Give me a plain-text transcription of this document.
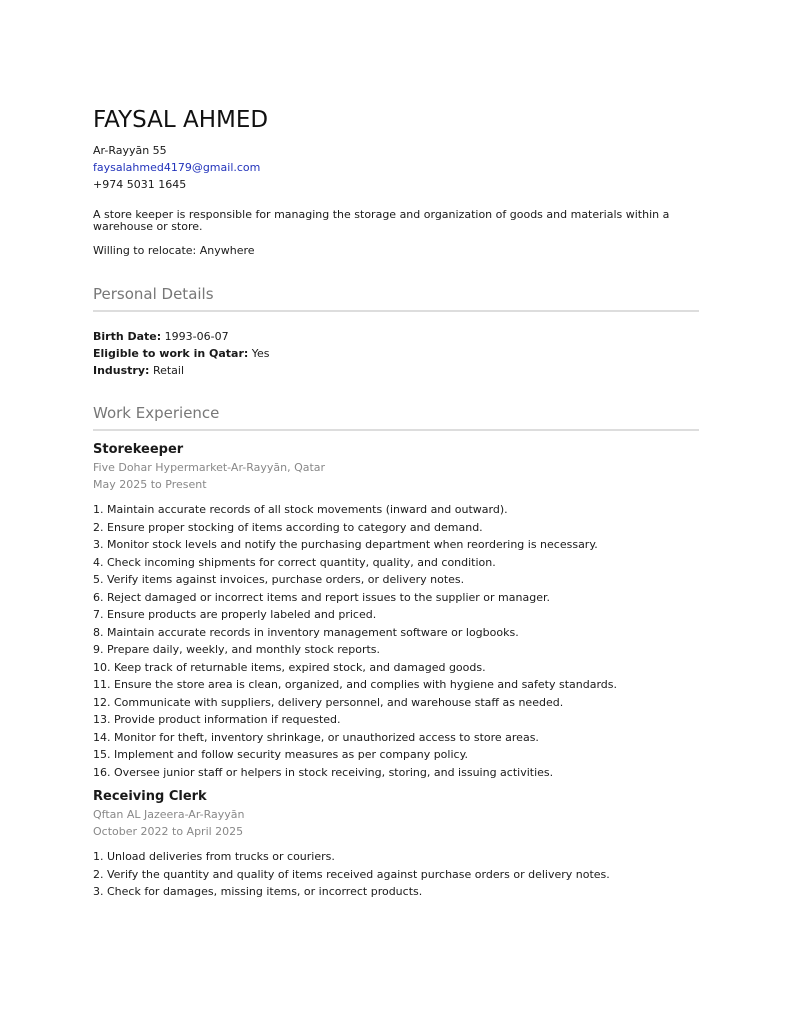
FAYSAL AHMED
Ar-Rayyān 55
faysalahmed4179@gmail.com
+974 5031 1645
A store keeper is responsible for managing the storage and organization of goods and materials within a warehouse or store.
Willing to relocate: Anywhere
Personal Details
Birth Date: 1993-06-07
Eligible to work in Qatar: Yes
Industry: Retail
Work Experience
Storekeeper
Five Dohar Hypermarket-Ar-Rayyān, Qatar
May 2025 to Present
1. Maintain accurate records of all stock movements (inward and outward).
2. Ensure proper stocking of items according to category and demand.
3. Monitor stock levels and notify the purchasing department when reordering is necessary.
4. Check incoming shipments for correct quantity, quality, and condition.
5. Verify items against invoices, purchase orders, or delivery notes.
6. Reject damaged or incorrect items and report issues to the supplier or manager.
7. Ensure products are properly labeled and priced.
8. Maintain accurate records in inventory management software or logbooks.
9. Prepare daily, weekly, and monthly stock reports.
10. Keep track of returnable items, expired stock, and damaged goods.
11. Ensure the store area is clean, organized, and complies with hygiene and safety standards.
12. Communicate with suppliers, delivery personnel, and warehouse staff as needed.
13. Provide product information if requested.
14. Monitor for theft, inventory shrinkage, or unauthorized access to store areas.
15. Implement and follow security measures as per company policy.
16. Oversee junior staff or helpers in stock receiving, storing, and issuing activities.
Receiving Clerk
Qftan AL Jazeera-Ar-Rayyān
October 2022 to April 2025
1. Unload deliveries from trucks or couriers.
2. Verify the quantity and quality of items received against purchase orders or delivery notes.
3. Check for damages, missing items, or incorrect products.
